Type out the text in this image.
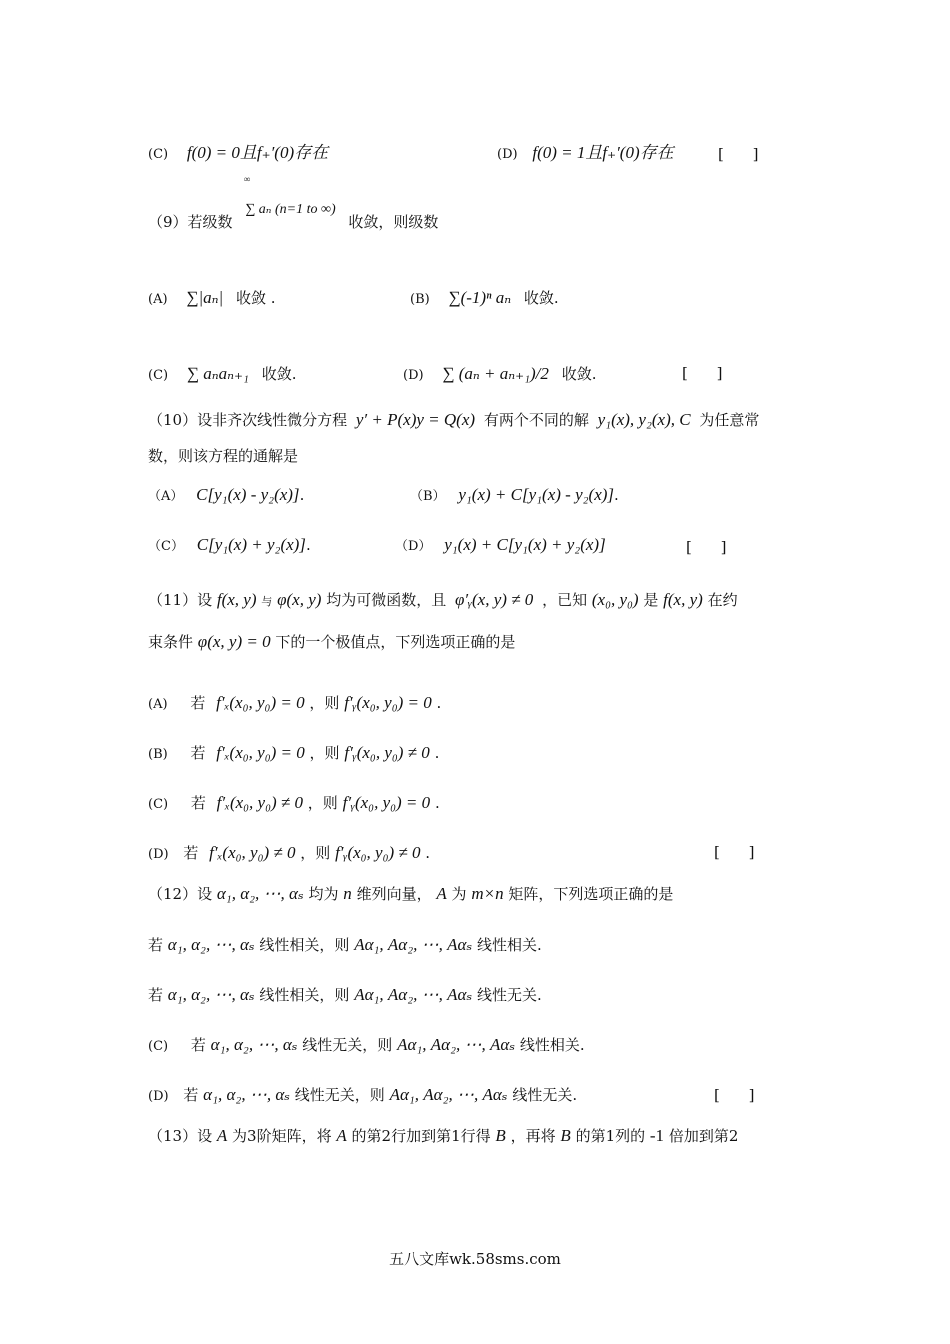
(C) f(0) = 0且f₊′(0)存在	(D) f(0) = 1且f₊′(0)存在	[ ]
∞
（9）若级数 ∑ aₙ (n=1 to ∞) 收敛，则级数
(A) ∑|aₙ| 收敛 .	(B) ∑(-1)ⁿ aₙ 收敛.
(C) ∑ aₙaₙ₊₁ 收敛.	(D) ∑ (aₙ + aₙ₊₁)/2 收敛.	[ ]
（10）设非齐次线性微分方程 y′ + P(x)y = Q(x) 有两个不同的解 y₁(x), y₂(x), C 为任意常
数，则该方程的通解是
（A） C[y₁(x) - y₂(x)].	（B） y₁(x) + C[y₁(x) - y₂(x)].
（C） C[y₁(x) + y₂(x)].	（D） y₁(x) + C[y₁(x) + y₂(x)]	[ ]
（11）设 f(x, y) 与 φ(x, y) 均为可微函数，且 φ′ᵧ(x, y) ≠ 0 ，已知 (x₀, y₀) 是 f(x, y) 在约
束条件 φ(x, y) = 0 下的一个极值点，下列选项正确的是
(A) 若 f′ₓ(x₀, y₀) = 0 ，则 f′ᵧ(x₀, y₀) = 0 .
(B) 若 f′ₓ(x₀, y₀) = 0 ，则 f′ᵧ(x₀, y₀) ≠ 0 .
(C) 若 f′ₓ(x₀, y₀) ≠ 0 ，则 f′ᵧ(x₀, y₀) = 0 .
(D) 若 f′ₓ(x₀, y₀) ≠ 0 ，则 f′ᵧ(x₀, y₀) ≠ 0 .	[ ]
（12）设 α₁, α₂, ⋯, αₛ 均为 n 维列向量， A 为 m×n 矩阵，下列选项正确的是
若 α₁, α₂, ⋯, αₛ 线性相关，则 Aα₁, Aα₂, ⋯, Aαₛ 线性相关.
若 α₁, α₂, ⋯, αₛ 线性相关，则 Aα₁, Aα₂, ⋯, Aαₛ 线性无关.
(C) 若 α₁, α₂, ⋯, αₛ 线性无关，则 Aα₁, Aα₂, ⋯, Aαₛ 线性相关.
(D) 若 α₁, α₂, ⋯, αₛ 线性无关，则 Aα₁, Aα₂, ⋯, Aαₛ 线性无关.	[ ]
（13）设 A 为3阶矩阵，将 A 的第2行加到第1行得 B ，再将 B 的第1列的 -1 倍加到第2
五八文库wk.58sms.com
